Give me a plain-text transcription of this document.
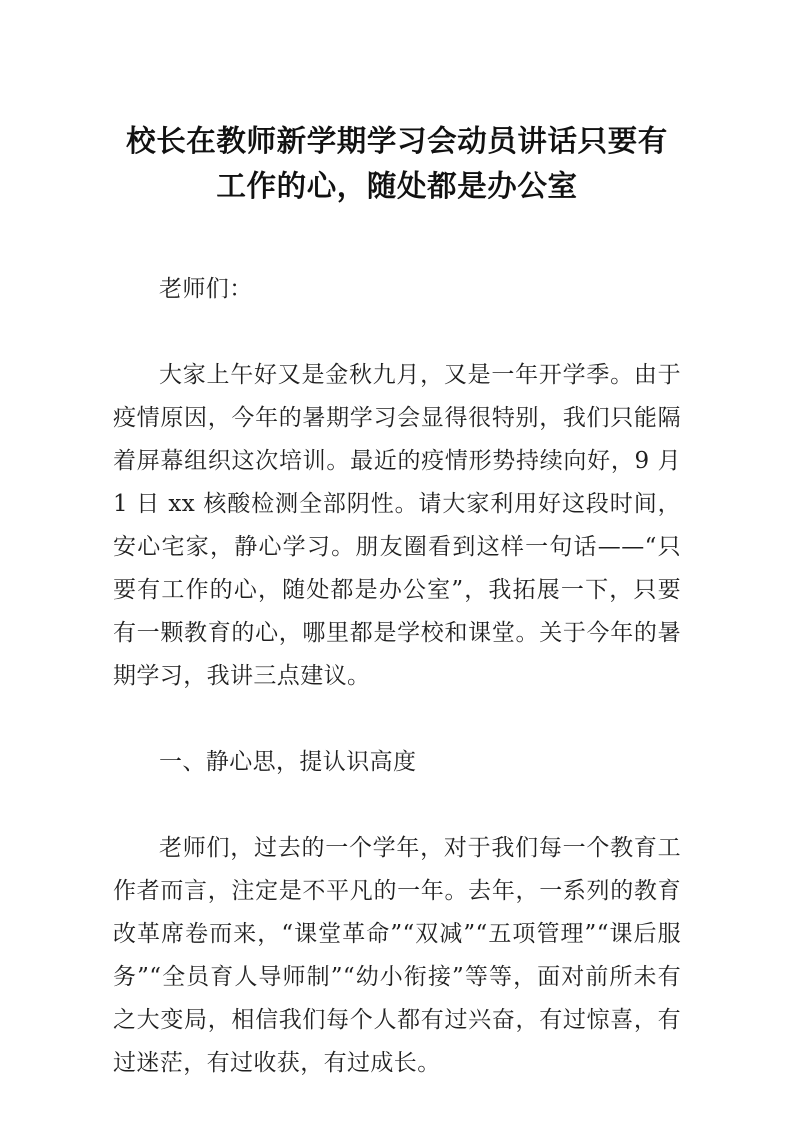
校长在教师新学期学习会动员讲话只要有工作的心，随处都是办公室

老师们：

大家上午好又是金秋九月，又是一年开学季。由于疫情原因，今年的暑期学习会显得很特别，我们只能隔着屏幕组织这次培训。最近的疫情形势持续向好，9 月 1 日 xx 核酸检测全部阴性。请大家利用好这段时间，安心宅家，静心学习。朋友圈看到这样一句话——“只要有工作的心，随处都是办公室”，我拓展一下，只要有一颗教育的心，哪里都是学校和课堂。关于今年的暑期学习，我讲三点建议。

一、静心思，提认识高度

老师们，过去的一个学年，对于我们每一个教育工作者而言，注定是不平凡的一年。去年，一系列的教育改革席卷而来，“课堂革命”“双减”“五项管理”“课后服务”“全员育人导师制”“幼小衔接”等等，面对前所未有之大变局，相信我们每个人都有过兴奋，有过惊喜，有过迷茫，有过收获，有过成长。
